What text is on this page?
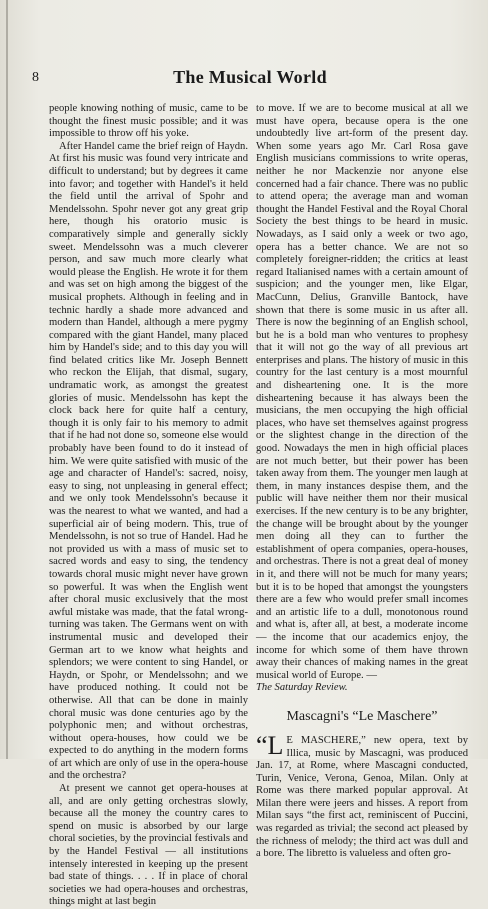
8	The Musical World

people knowing nothing of music, came to be thought the finest music possible; and it was impossible to throw off his yoke.

After Handel came the brief reign of Haydn. At first his music was found very intricate and difficult to understand; but by degrees it came into favor; and together with Handel's it held the field until the arrival of Spohr and Mendelssohn. Spohr never got any great grip here, though his oratorio music is comparatively simple and generally sickly sweet. Mendelssohn was a much cleverer person, and saw much more clearly what would please the English. He wrote it for them and was set on high among the biggest of the musical prophets. Although in feeling and in technic hardly a shade more advanced and modern than Handel, although a mere pygmy compared with the giant Handel, many placed him by Handel's side; and to this day you will find belated critics like Mr. Joseph Bennett who reckon the Elijah, that dismal, sugary, undramatic work, as amongst the greatest glories of music. Mendelssohn has kept the clock back here for quite half a century, though it is only fair to his memory to admit that if he had not done so, someone else would probably have been found to do it instead of him. We were quite satisfied with music of the age and character of Handel's: sacred, noisy, easy to sing, not unpleasing in general effect; and we only took Mendelssohn's because it was the nearest to what we wanted, and had a superficial air of being modern. This, true of Mendelssohn, is not so true of Handel. Had he not provided us with a mass of music set to sacred words and easy to sing, the tendency towards choral music might never have grown so powerful. It was when the English went after choral music exclusively that the most awful mistake was made, that the fatal wrong-turning was taken. The Germans went on with instrumental music and developed their German art to we know what heights and splendors; we were content to sing Handel, or Haydn, or Spohr, or Mendelssohn; and we have produced nothing. It could not be otherwise. All that can be done in mainly choral music was done centuries ago by the polyphonic men; and without orchestras, without opera-houses, how could we be expected to do anything in the modern forms of art which are only of use in the opera-house and the orchestra?

At present we cannot get opera-houses at all, and are only getting orchestras slowly, because all the money the country cares to spend on music is absorbed by our large choral societies, by the provincial festivals and by the Handel Festival — all institutions intensely interested in keeping up the present bad state of things. . . . If in place of choral societies we had opera-houses and orchestras, things might at last begin

to move. If we are to become musical at all we must have opera, because opera is the one undoubtedly live art-form of the present day. When some years ago Mr. Carl Rosa gave English musicians commissions to write operas, neither he nor Mackenzie nor anyone else concerned had a fair chance. There was no public to attend opera; the average man and woman thought the Handel Festival and the Royal Choral Society the best things to be heard in music. Nowadays, as I said only a week or two ago, opera has a better chance. We are not so completely foreigner-ridden; the critics at least regard Italianised names with a certain amount of suspicion; and the younger men, like Elgar, MacCunn, Delius, Granville Bantock, have shown that there is some music in us after all. There is now the beginning of an English school, but he is a bold man who ventures to prophesy that it will not go the way of all previous art enterprises and plans. The history of music in this country for the last century is a most mournful and disheartening one. It is the more disheartening because it has always been the musicians, the men occupying the high official places, who have set themselves against progress or the slightest change in the direction of the good. Nowadays the men in high official places are not much better, but their power has been taken away from them. The younger men laugh at them, in many instances despise them, and the public will have neither them nor their musical exercises. If the new century is to be any brighter, the change will be brought about by the younger men doing all they can to further the establishment of opera companies, opera-houses, and orchestras. There is not a great deal of money in it, and there will not be much for many years; but it is to be hoped that amongst the youngsters there are a few who would prefer small incomes and an artistic life to a dull, monotonous round and what is, after all, at best, a moderate income — the income that our academics enjoy, the income for which some of them have thrown away their chances of making names in the great musical world of Europe. —

The Saturday Review.

Mascagni's “Le Maschere”

“L E MASCHERE,” new opera, text by Illica, music by Mascagni, was produced Jan. 17, at Rome, where Mascagni conducted, Turin, Venice, Verona, Genoa, Milan. Only at Rome was there marked popular approval. At Milan there were jeers and hisses. A report from Milan says “the first act, reminiscent of Puccini, was regarded as trivial; the second act pleased by the richness of melody; the third act was dull and a bore. The libretto is valueless and often gro-
